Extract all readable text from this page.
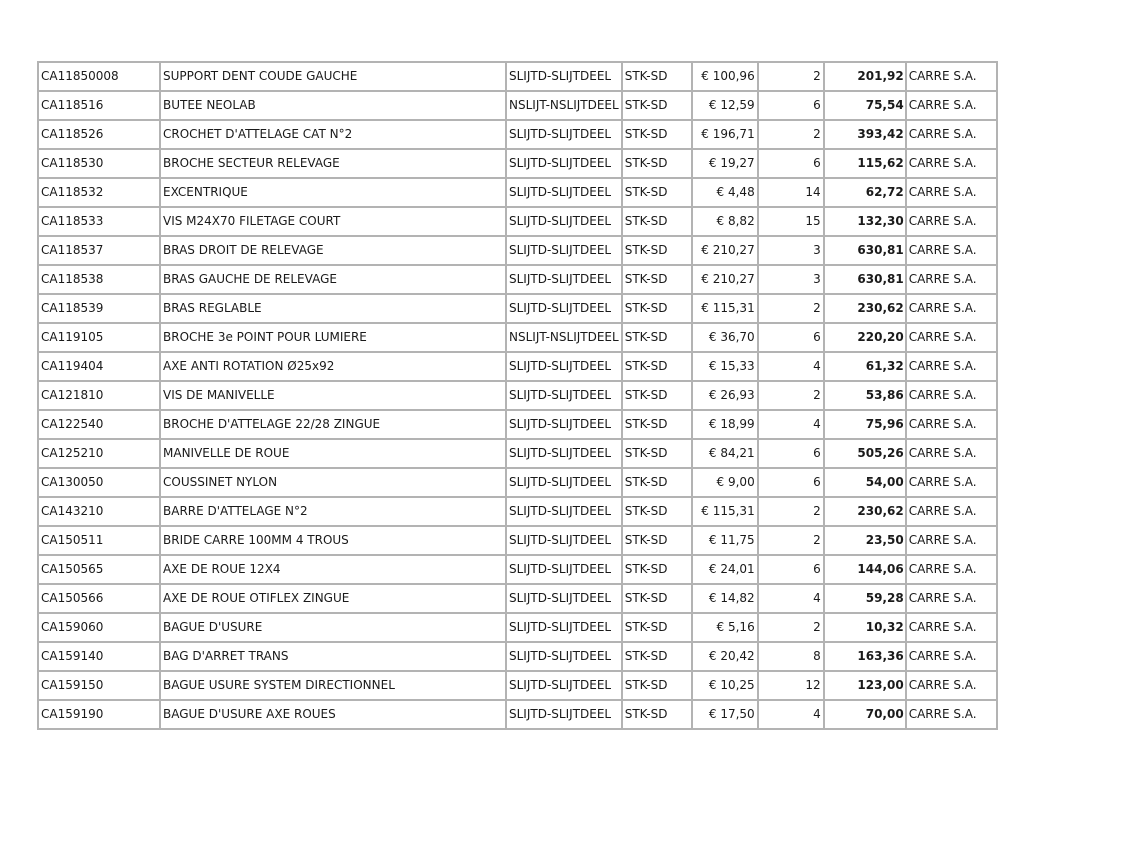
CA11850008	SUPPORT DENT COUDE GAUCHE	SLIJTD-SLIJTDEEL	STK-SD	€ 100,96	2	201,92	CARRE S.A.
CA118516	BUTEE NEOLAB	NSLIJT-NSLIJTDEEL	STK-SD	€ 12,59	6	75,54	CARRE S.A.
CA118526	CROCHET D'ATTELAGE CAT N°2	SLIJTD-SLIJTDEEL	STK-SD	€ 196,71	2	393,42	CARRE S.A.
CA118530	BROCHE SECTEUR RELEVAGE	SLIJTD-SLIJTDEEL	STK-SD	€ 19,27	6	115,62	CARRE S.A.
CA118532	EXCENTRIQUE	SLIJTD-SLIJTDEEL	STK-SD	€ 4,48	14	62,72	CARRE S.A.
CA118533	VIS M24X70 FILETAGE COURT	SLIJTD-SLIJTDEEL	STK-SD	€ 8,82	15	132,30	CARRE S.A.
CA118537	BRAS DROIT DE RELEVAGE	SLIJTD-SLIJTDEEL	STK-SD	€ 210,27	3	630,81	CARRE S.A.
CA118538	BRAS GAUCHE DE RELEVAGE	SLIJTD-SLIJTDEEL	STK-SD	€ 210,27	3	630,81	CARRE S.A.
CA118539	BRAS REGLABLE	SLIJTD-SLIJTDEEL	STK-SD	€ 115,31	2	230,62	CARRE S.A.
CA119105	BROCHE 3e POINT POUR LUMIERE	NSLIJT-NSLIJTDEEL	STK-SD	€ 36,70	6	220,20	CARRE S.A.
CA119404	AXE ANTI ROTATION Ø25x92	SLIJTD-SLIJTDEEL	STK-SD	€ 15,33	4	61,32	CARRE S.A.
CA121810	VIS DE MANIVELLE	SLIJTD-SLIJTDEEL	STK-SD	€ 26,93	2	53,86	CARRE S.A.
CA122540	BROCHE D'ATTELAGE 22/28 ZINGUE	SLIJTD-SLIJTDEEL	STK-SD	€ 18,99	4	75,96	CARRE S.A.
CA125210	MANIVELLE DE ROUE	SLIJTD-SLIJTDEEL	STK-SD	€ 84,21	6	505,26	CARRE S.A.
CA130050	COUSSINET NYLON	SLIJTD-SLIJTDEEL	STK-SD	€ 9,00	6	54,00	CARRE S.A.
CA143210	BARRE D'ATTELAGE N°2	SLIJTD-SLIJTDEEL	STK-SD	€ 115,31	2	230,62	CARRE S.A.
CA150511	BRIDE CARRE 100MM 4 TROUS	SLIJTD-SLIJTDEEL	STK-SD	€ 11,75	2	23,50	CARRE S.A.
CA150565	AXE DE ROUE 12X4	SLIJTD-SLIJTDEEL	STK-SD	€ 24,01	6	144,06	CARRE S.A.
CA150566	AXE DE ROUE OTIFLEX ZINGUE	SLIJTD-SLIJTDEEL	STK-SD	€ 14,82	4	59,28	CARRE S.A.
CA159060	BAGUE D'USURE	SLIJTD-SLIJTDEEL	STK-SD	€ 5,16	2	10,32	CARRE S.A.
CA159140	BAG D'ARRET TRANS	SLIJTD-SLIJTDEEL	STK-SD	€ 20,42	8	163,36	CARRE S.A.
CA159150	BAGUE USURE SYSTEM DIRECTIONNEL	SLIJTD-SLIJTDEEL	STK-SD	€ 10,25	12	123,00	CARRE S.A.
CA159190	BAGUE D'USURE AXE ROUES	SLIJTD-SLIJTDEEL	STK-SD	€ 17,50	4	70,00	CARRE S.A.
